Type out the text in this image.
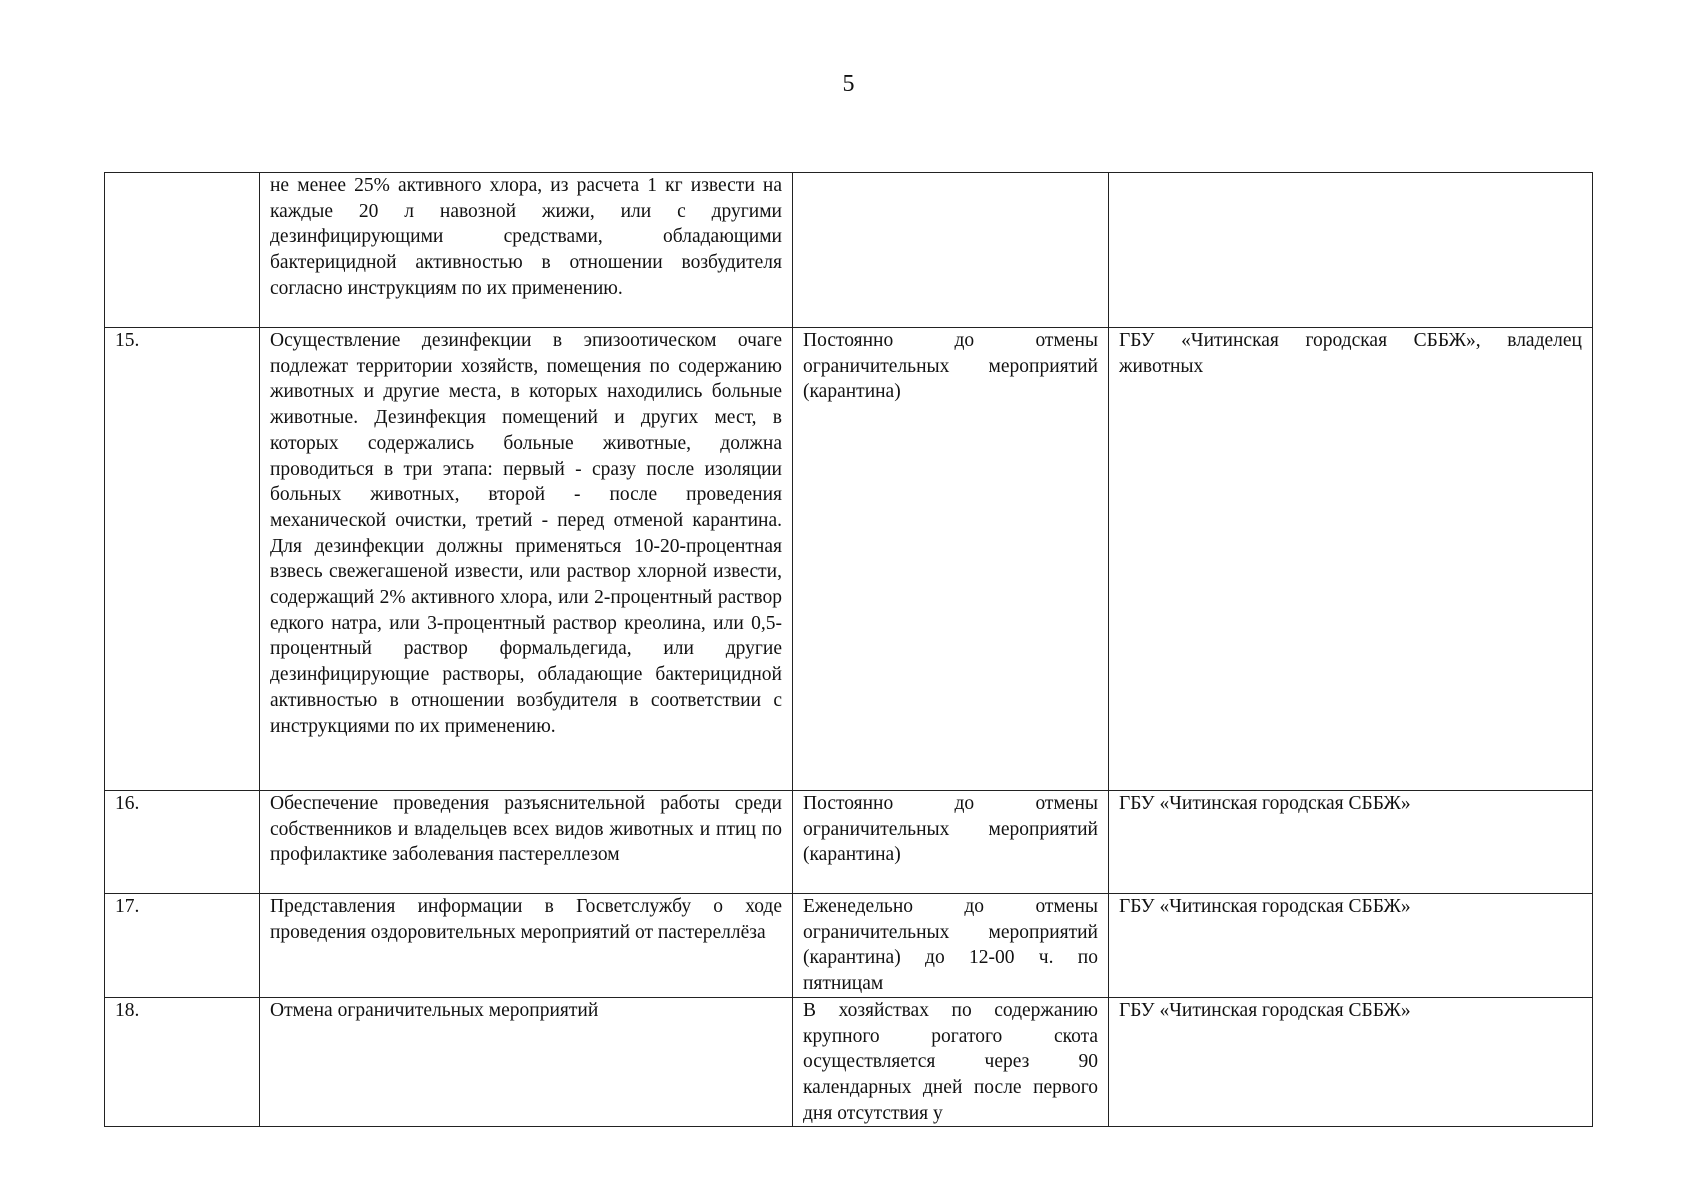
5
	не менее 25% активного хлора, из расчета 1 кг извести на каждые 20 л навозной жижи, или с другими дезинфицирующими средствами, обладающими бактерицидной активностью в отношении возбудителя согласно инструкциям по их применению.		
15.	Осуществление дезинфекции в эпизоотическом очаге подлежат территории хозяйств, помещения по содержанию животных и другие места, в которых находились больные животные. Дезинфекция помещений и других мест, в которых содержались больные животные, должна проводиться в три этапа: первый - сразу после изоляции больных животных, второй - после проведения механической очистки, третий - перед отменой карантина. Для дезинфекции должны применяться 10-20-процентная взвесь свежегашеной извести, или раствор хлорной извести, содержащий 2% активного хлора, или 2-процентный раствор едкого натра, или 3-процентный раствор креолина, или 0,5-процентный раствор формальдегида, или другие дезинфицирующие растворы, обладающие бактерицидной активностью в отношении возбудителя в соответствии с инструкциями по их применению.	Постоянно до отмены ограничительных мероприятий (карантина)	ГБУ «Читинская городская СББЖ», владелец животных
16.	Обеспечение проведения разъяснительной работы среди собственников и владельцев всех видов животных и птиц по профилактике заболевания пастереллезом	Постоянно до отмены ограничительных мероприятий (карантина)	ГБУ «Читинская городская СББЖ»
17.	Представления информации в Госветслужбу о ходе проведения оздоровительных мероприятий от пастереллёза	Еженедельно до отмены ограничительных мероприятий (карантина) до 12-00 ч. по пятницам	ГБУ «Читинская городская СББЖ»
18.	Отмена ограничительных мероприятий	В хозяйствах по содержанию крупного рогатого скота осуществляется через 90 календарных дней после первого дня отсутствия у	ГБУ «Читинская городская СББЖ»
